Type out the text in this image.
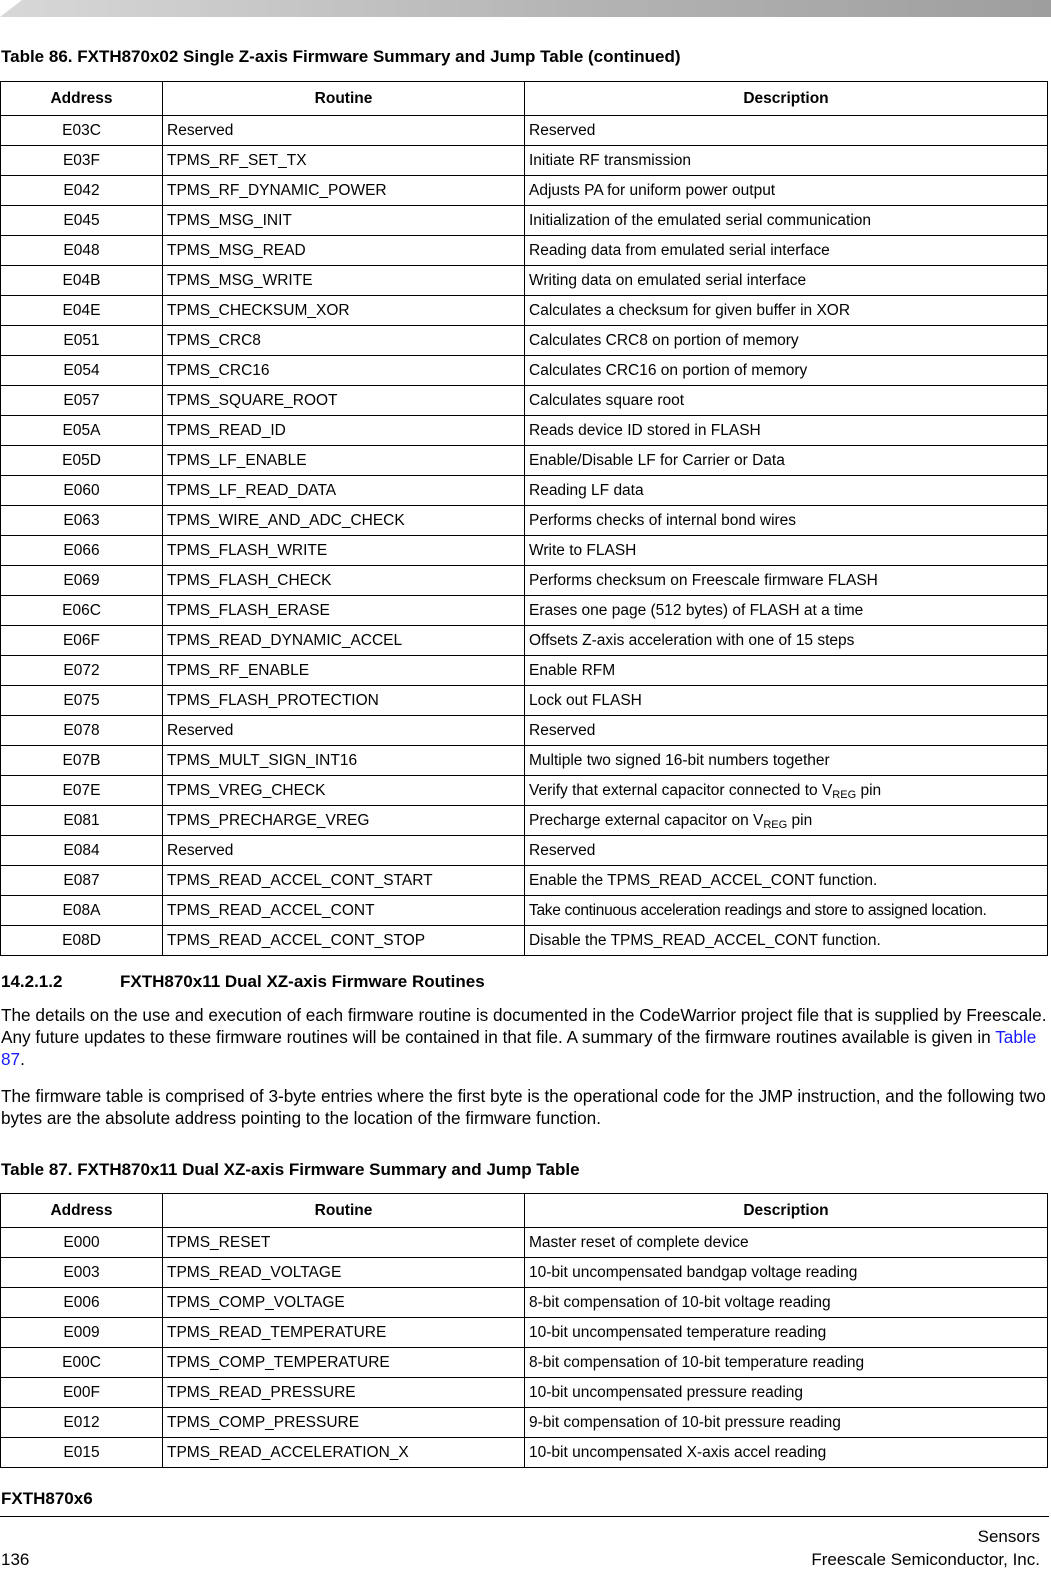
Table 86. FXTH870x02 Single Z-axis Firmware Summary and Jump Table (continued)
Address	Routine	Description
E03C	Reserved	Reserved
E03F	TPMS_RF_SET_TX	Initiate RF transmission
E042	TPMS_RF_DYNAMIC_POWER	Adjusts PA for uniform power output
E045	TPMS_MSG_INIT	Initialization of the emulated serial communication
E048	TPMS_MSG_READ	Reading data from emulated serial interface
E04B	TPMS_MSG_WRITE	Writing data on emulated serial interface
E04E	TPMS_CHECKSUM_XOR	Calculates a checksum for given buffer in XOR
E051	TPMS_CRC8	Calculates CRC8 on portion of memory
E054	TPMS_CRC16	Calculates CRC16 on portion of memory
E057	TPMS_SQUARE_ROOT	Calculates square root
E05A	TPMS_READ_ID	Reads device ID stored in FLASH
E05D	TPMS_LF_ENABLE	Enable/Disable LF for Carrier or Data
E060	TPMS_LF_READ_DATA	Reading LF data
E063	TPMS_WIRE_AND_ADC_CHECK	Performs checks of internal bond wires
E066	TPMS_FLASH_WRITE	Write to FLASH
E069	TPMS_FLASH_CHECK	Performs checksum on Freescale firmware FLASH
E06C	TPMS_FLASH_ERASE	Erases one page (512 bytes) of FLASH at a time
E06F	TPMS_READ_DYNAMIC_ACCEL	Offsets Z-axis acceleration with one of 15 steps
E072	TPMS_RF_ENABLE	Enable RFM
E075	TPMS_FLASH_PROTECTION	Lock out FLASH
E078	Reserved	Reserved
E07B	TPMS_MULT_SIGN_INT16	Multiple two signed 16-bit numbers together
E07E	TPMS_VREG_CHECK	Verify that external capacitor connected to $V_{REG}$ pin
E081	TPMS_PRECHARGE_VREG	Precharge external capacitor on $V_{REG}$ pin
E084	Reserved	Reserved
E087	TPMS_READ_ACCEL_CONT_START	Enable the TPMS_READ_ACCEL_CONT function.
E08A	TPMS_READ_ACCEL_CONT	Take continuous acceleration readings and store to assigned location.
E08D	TPMS_READ_ACCEL_CONT_STOP	Disable the TPMS_READ_ACCEL_CONT function.
14.2.1.2	FXTH870x11 Dual XZ-axis Firmware Routines
The details on the use and execution of each firmware routine is documented in the CodeWarrior project file that is supplied by Freescale. Any future updates to these firmware routines will be contained in that file. A summary of the firmware routines available is given in Table 87.
The firmware table is comprised of 3-byte entries where the first byte is the operational code for the JMP instruction, and the following two bytes are the absolute address pointing to the location of the firmware function.
Table 87. FXTH870x11 Dual XZ-axis Firmware Summary and Jump Table
Address	Routine	Description
E000	TPMS_RESET	Master reset of complete device
E003	TPMS_READ_VOLTAGE	10-bit uncompensated bandgap voltage reading
E006	TPMS_COMP_VOLTAGE	8-bit compensation of 10-bit voltage reading
E009	TPMS_READ_TEMPERATURE	10-bit uncompensated temperature reading
E00C	TPMS_COMP_TEMPERATURE	8-bit compensation of 10-bit temperature reading
E00F	TPMS_READ_PRESSURE	10-bit uncompensated pressure reading
E012	TPMS_COMP_PRESSURE	9-bit compensation of 10-bit pressure reading
E015	TPMS_READ_ACCELERATION_X	10-bit uncompensated X-axis accel reading
FXTH870x6
Sensors
136	Freescale Semiconductor, Inc.
